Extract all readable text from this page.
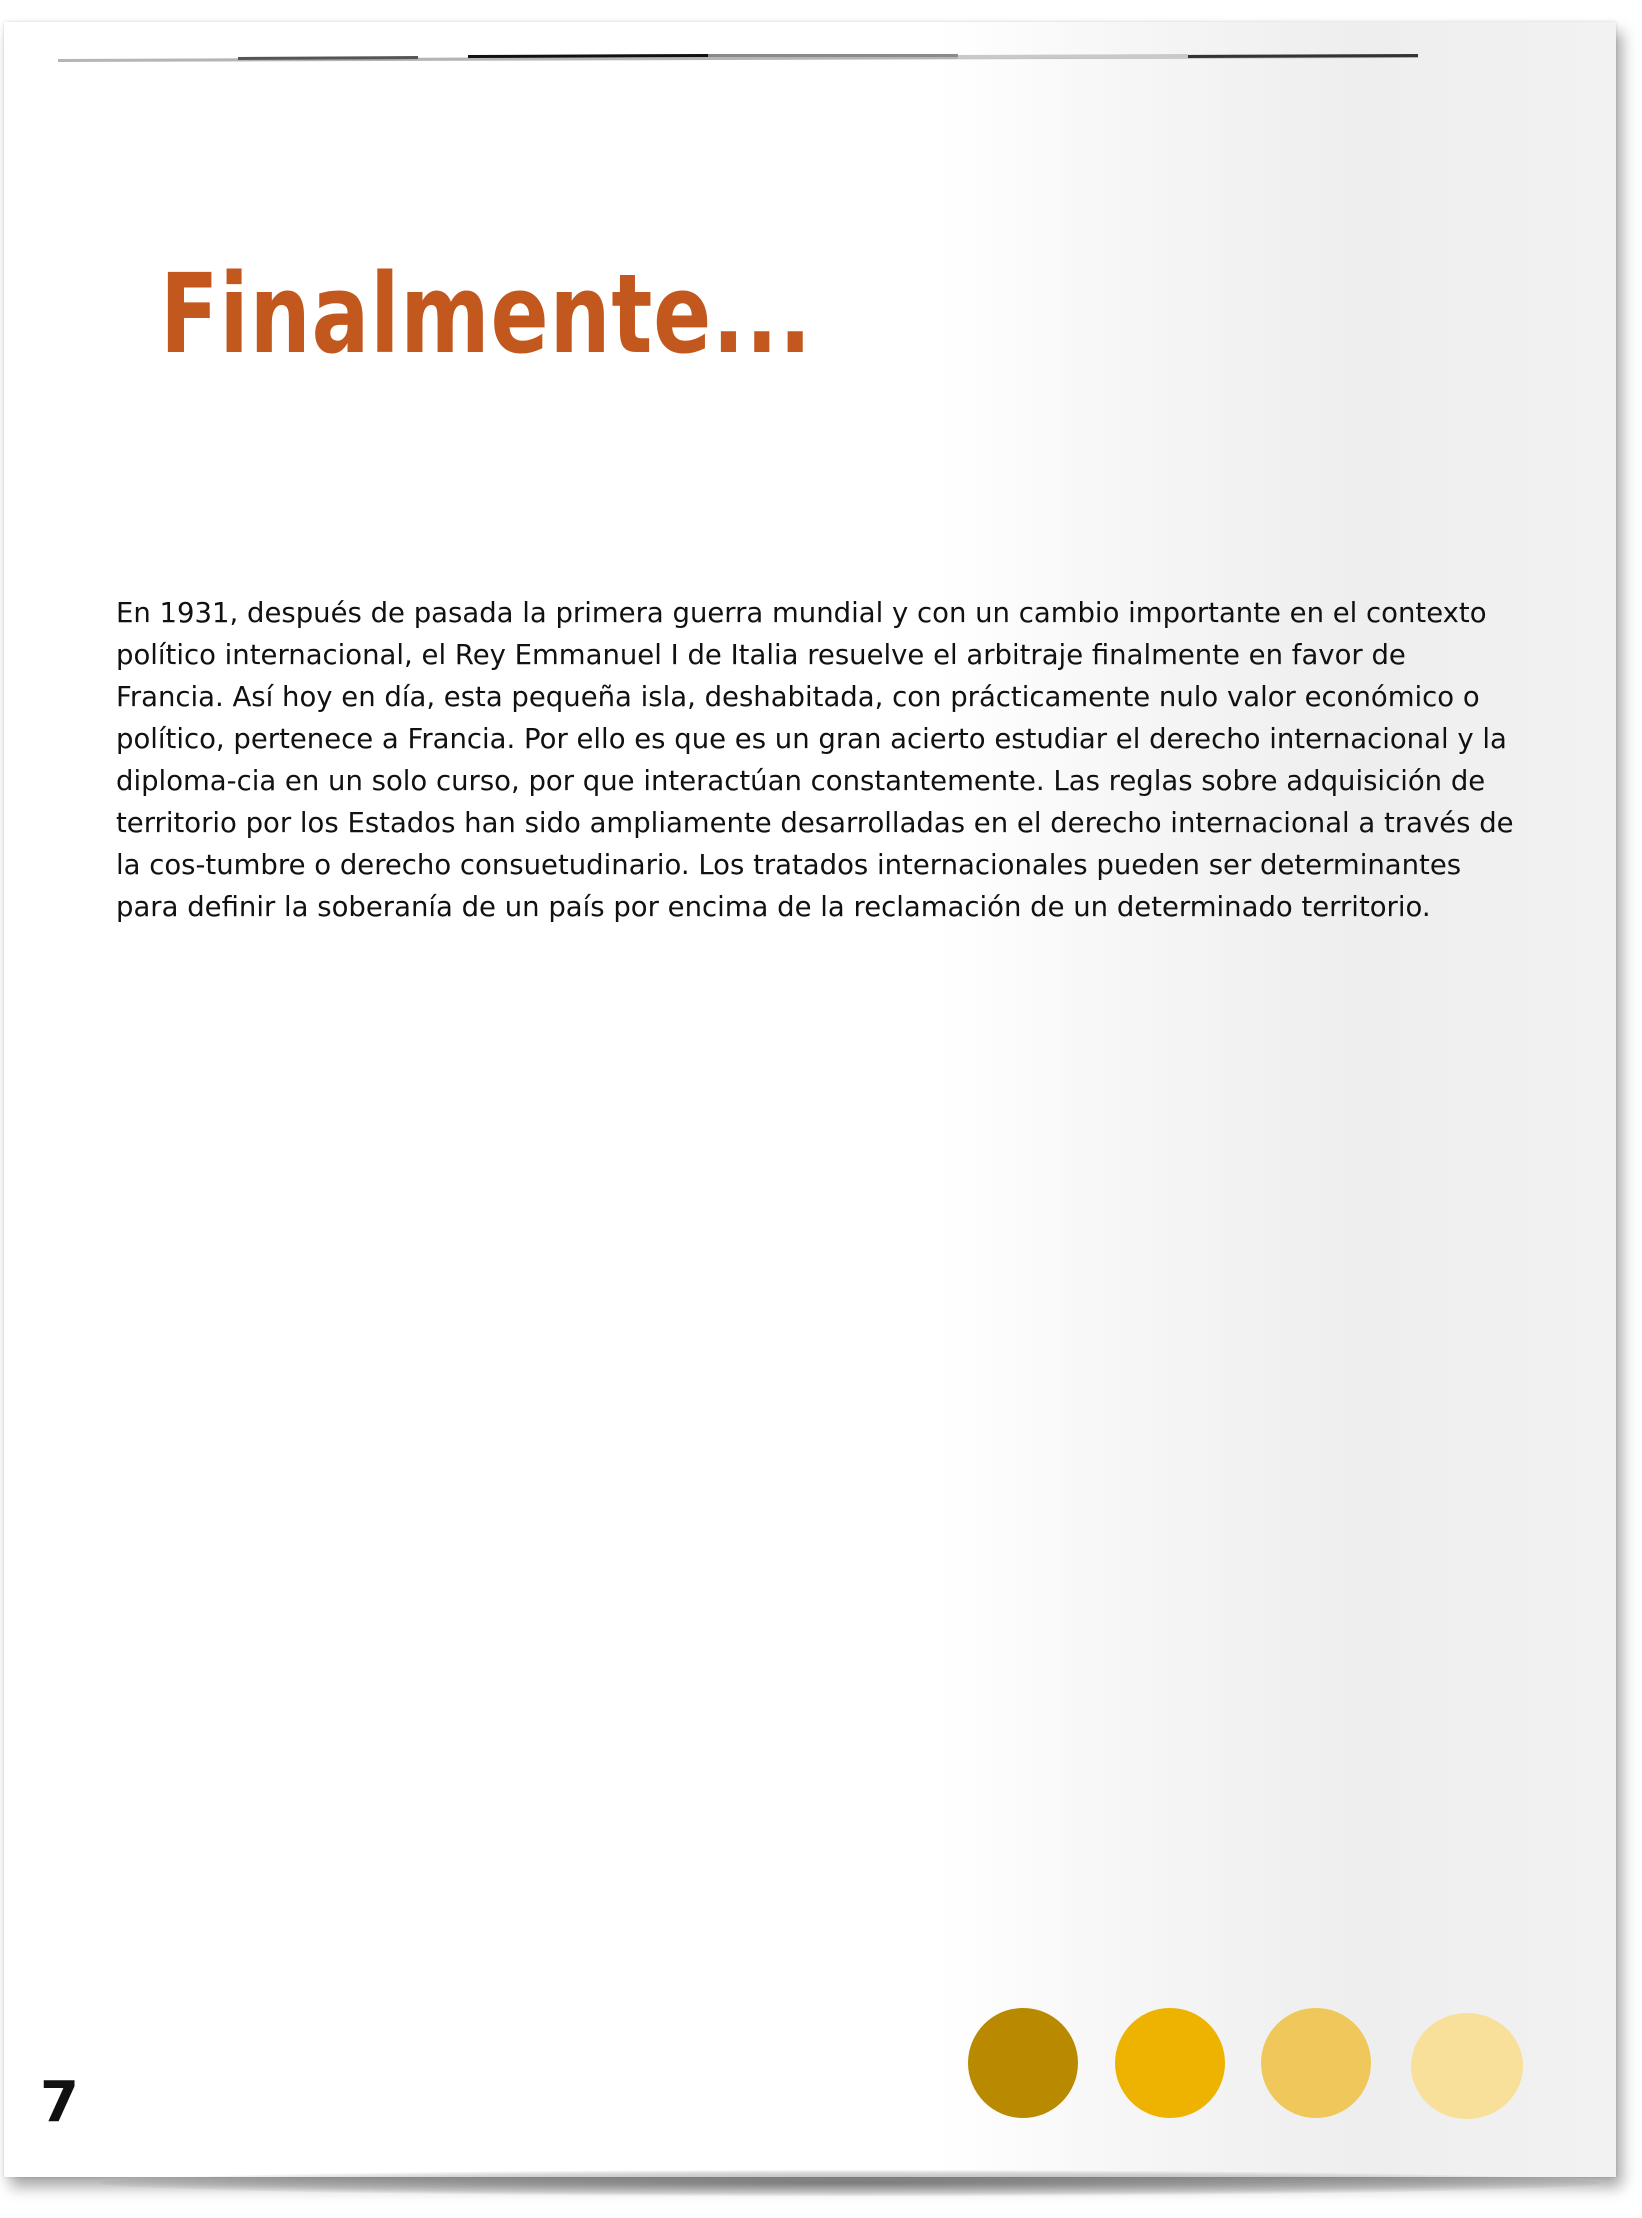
Finalmente...

En 1931, después de pasada la primera guerra mundial y con un cambio importante en el contexto político internacional, el Rey Emmanuel I de Italia resuelve el arbitraje finalmente en favor de Francia. Así hoy en día, esta pequeña isla, deshabitada, con prácticamente nulo valor económico o político, pertenece a Francia. Por ello es que es un gran acierto estudiar el derecho internacional y la diploma-cia en un solo curso, por que interactúan constantemente. Las reglas sobre adquisición de territorio por los Estados han sido ampliamente desarrolladas en el derecho internacional a través de la cos-tumbre o derecho consuetudinario. Los tratados internacionales pueden ser determinantes para definir la soberanía de un país por encima de la reclamación de un determinado territorio.

7
